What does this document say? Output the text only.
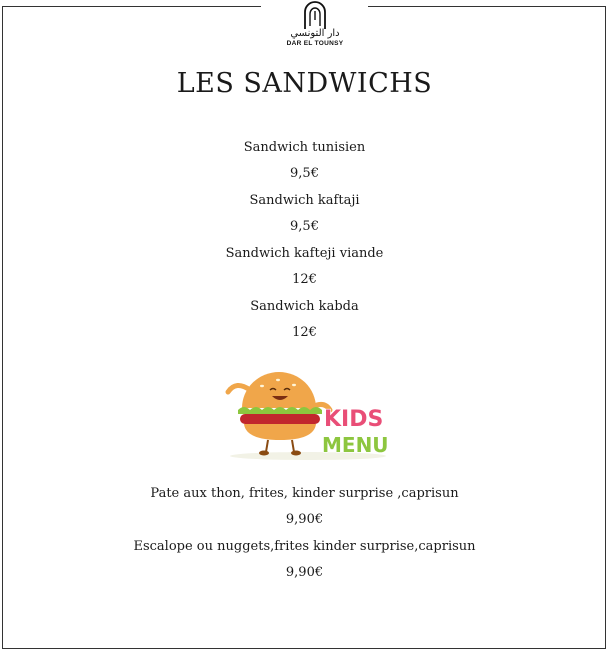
دار التونسي
DAR EL TOUNSY
LES SANDWICHS
Sandwich tunisien
9,5€
Sandwich kaftaji
9,5€
Sandwich kafteji viande
12€
Sandwich kabda
12€
KIDS
MENU
Pate aux thon, frites, kinder surprise ,caprisun
9,90€
Escalope ou nuggets,frites kinder surprise,caprisun
9,90€
